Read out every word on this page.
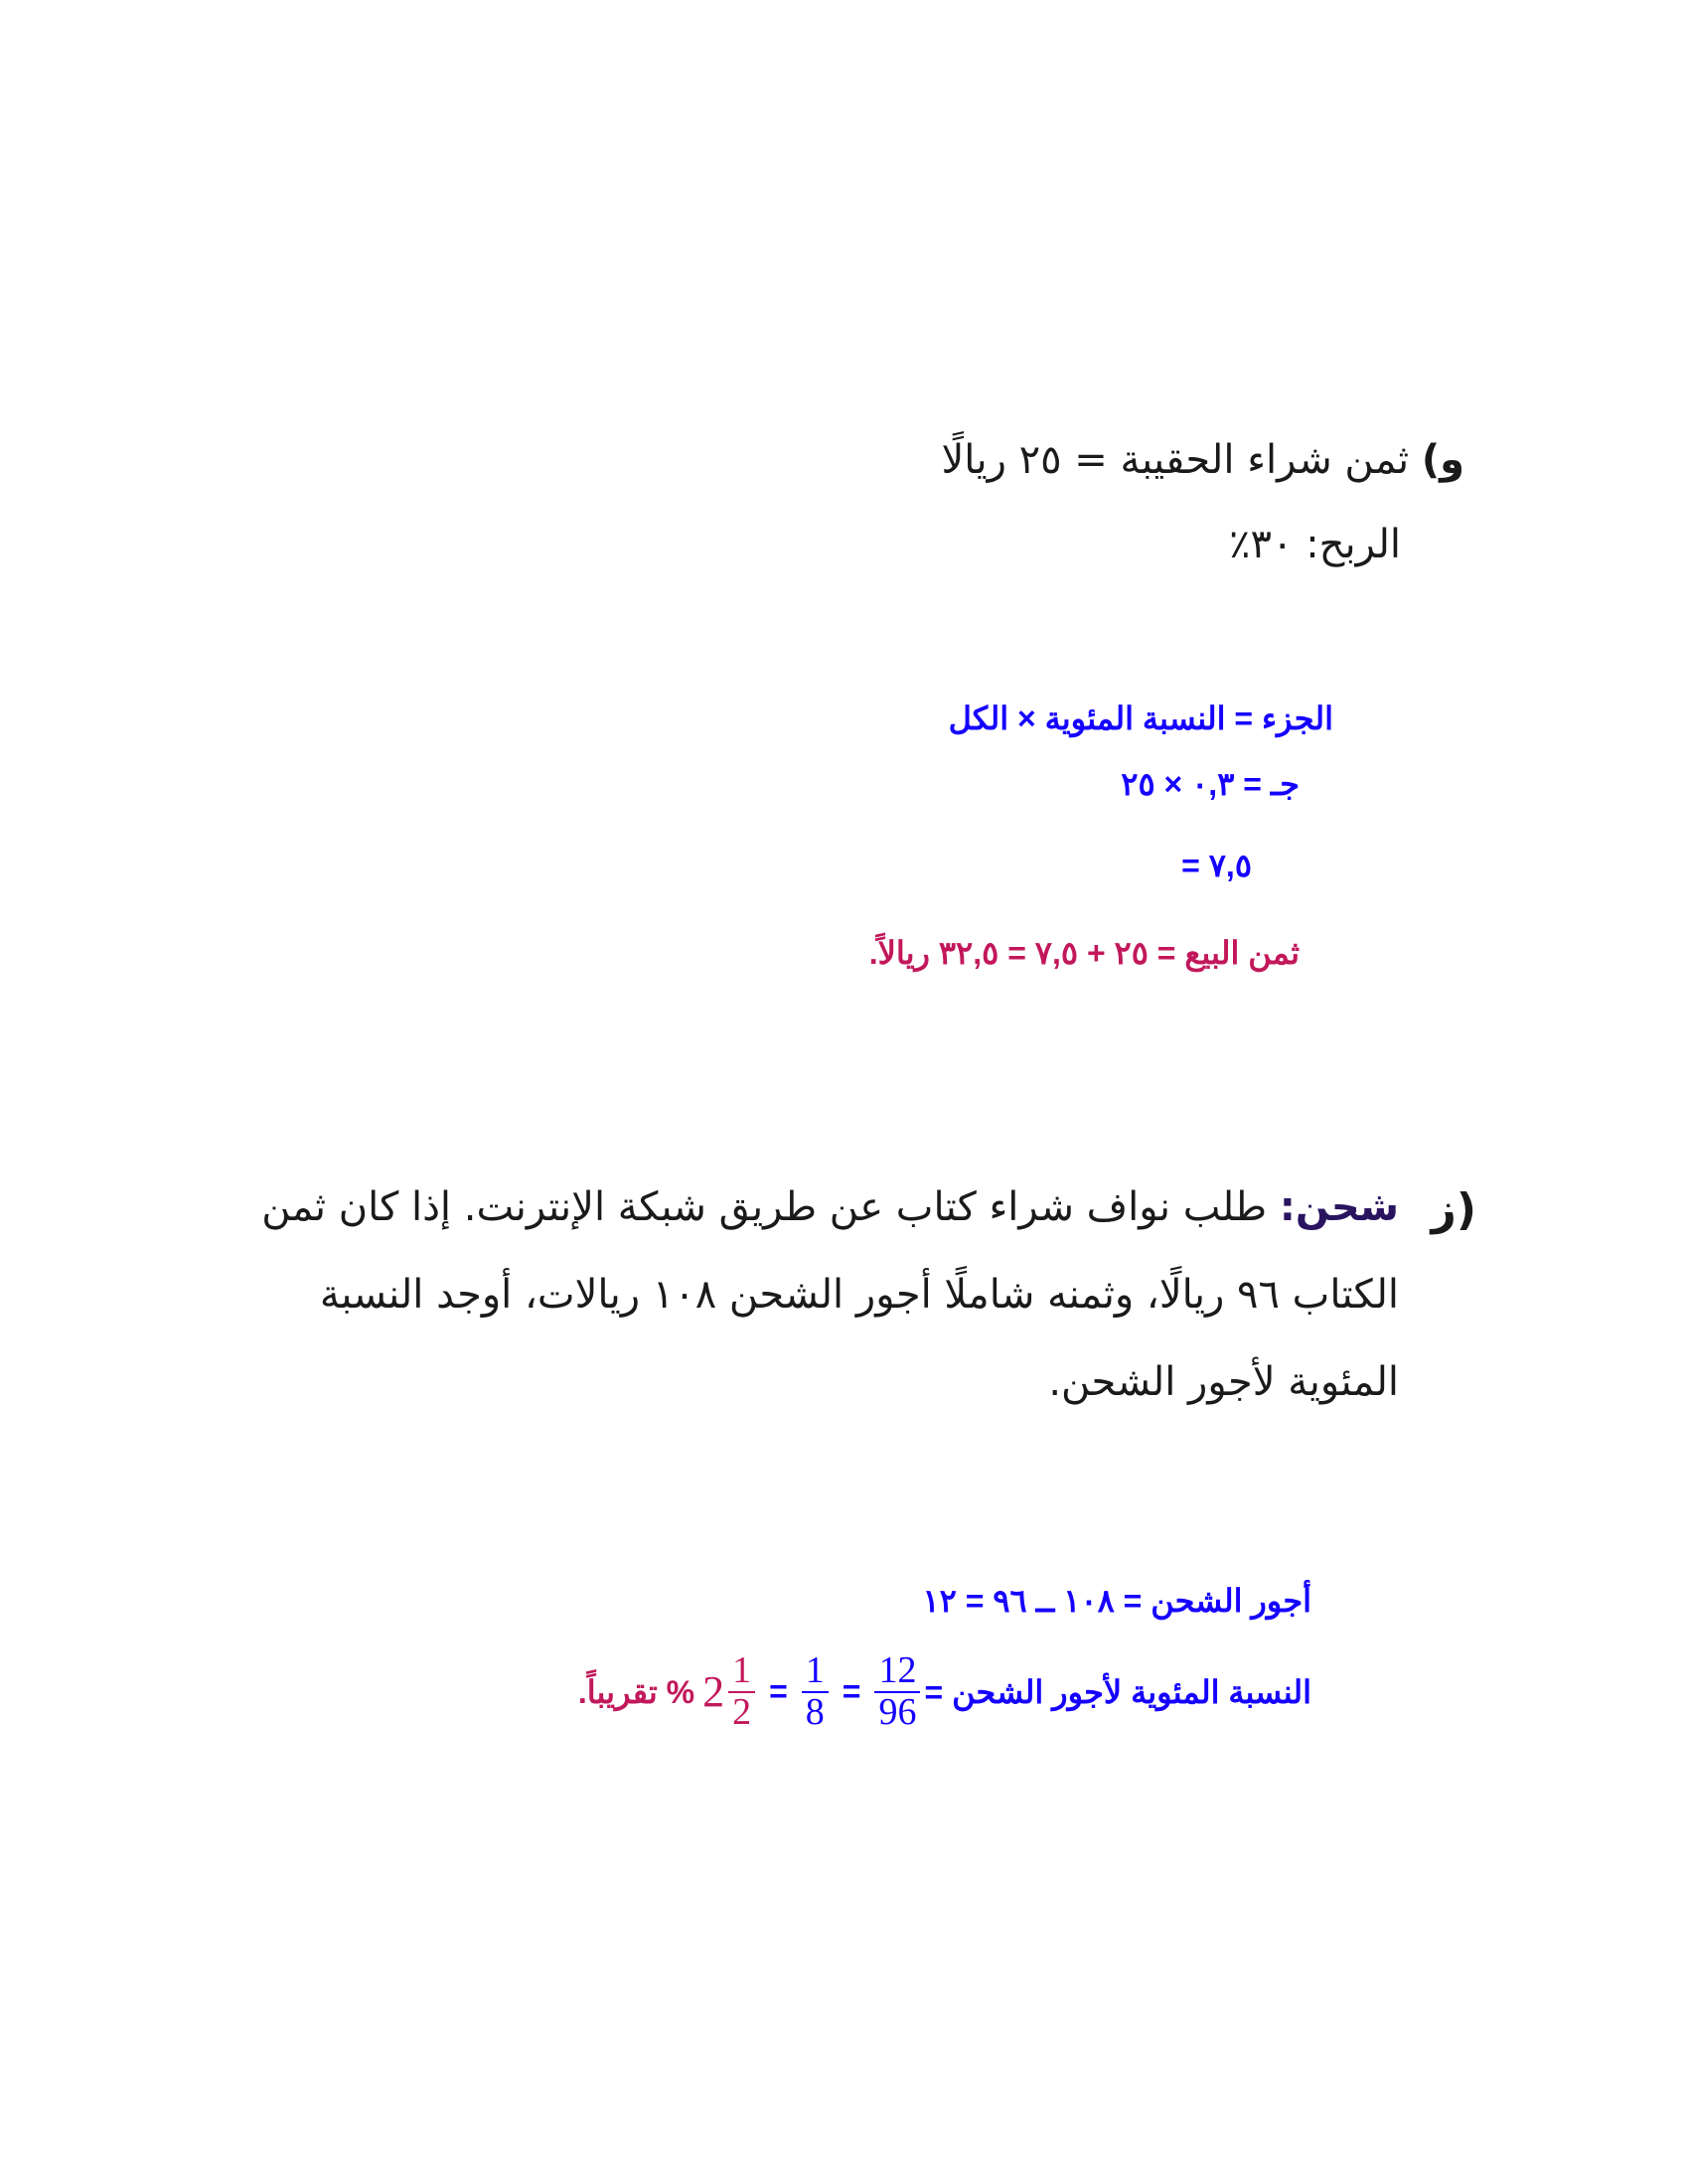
و) ثمن شراء الحقيبة = ٢٥ ريالًا
الربح: ٣٠٪
الجزء = النسبة المئوية × الكل
جـ = ٠,٣ × ٢٥
= ٧,٥
ثمن البيع = ٢٥ + ٧,٥ = ٣٢,٥ ريالاً.
ز)
شحن: طلب نواف شراء كتاب عن طريق شبكة الإنترنت. إذا كان ثمن
الكتاب ٩٦ ريالًا، وثمنه شاملًا أجور الشحن ١٠٨ ريالات، أوجد النسبة
المئوية لأجور الشحن.
أجور الشحن = ١٠٨ ــ ٩٦ = ١٢
النسبة المئوية لأجور الشحن =
$\frac{12}{96}$
=
$\frac{1}{8}$
=
$2 \frac{1}{2}$
% تقريباً.
